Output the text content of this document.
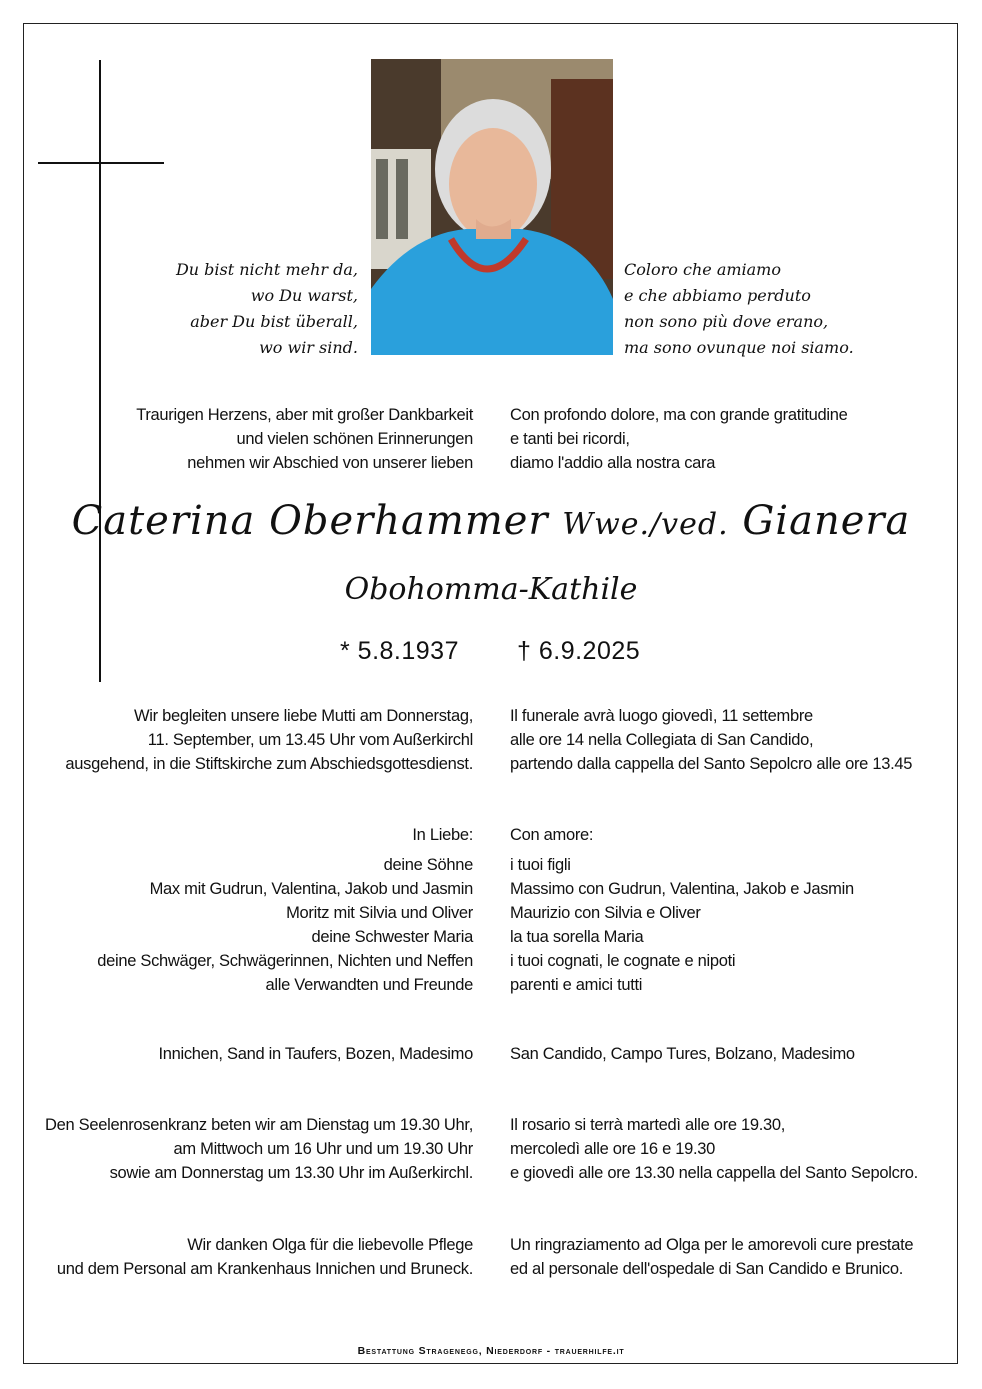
Du bist nicht mehr da,
wo Du warst,
aber Du bist überall,
wo wir sind.
Coloro che amiamo
e che abbiamo perduto
non sono più dove erano,
ma sono ovunque noi siamo.
Traurigen Herzens, aber mit großer Dankbarkeit
und vielen schönen Erinnerungen
nehmen wir Abschied von unserer lieben
Con profondo dolore, ma con grande gratitudine
e tanti bei ricordi,
diamo l'addio alla nostra cara
Caterina Oberhammer Wwe./ved. Gianera
Obohomma-Kathile
* 5.8.1937 † 6.9.2025
Wir begleiten unsere liebe Mutti am Donnerstag,
11. September, um 13.45 Uhr vom Außerkirchl
ausgehend, in die Stiftskirche zum Abschiedsgottesdienst.
Il funerale avrà luogo giovedì, 11 settembre
alle ore 14 nella Collegiata di San Candido,
partendo dalla cappella del Santo Sepolcro alle ore 13.45
In Liebe:
deine Söhne
Max mit Gudrun, Valentina, Jakob und Jasmin
Moritz mit Silvia und Oliver
deine Schwester Maria
deine Schwäger, Schwägerinnen, Nichten und Neffen
alle Verwandten und Freunde
Con amore:
i tuoi figli
Massimo con Gudrun, Valentina, Jakob e Jasmin
Maurizio con Silvia e Oliver
la tua sorella Maria
i tuoi cognati, le cognate e nipoti
parenti e amici tutti
Innichen, Sand in Taufers, Bozen, Madesimo San Candido, Campo Tures, Bolzano, Madesimo
Den Seelenrosenkranz beten wir am Dienstag um 19.30 Uhr,
am Mittwoch um 16 Uhr und um 19.30 Uhr
sowie am Donnerstag um 13.30 Uhr im Außerkirchl.
Il rosario si terrà martedì alle ore 19.30,
mercoledì alle ore 16 e 19.30
e giovedì alle ore 13.30 nella cappella del Santo Sepolcro.
Wir danken Olga für die liebevolle Pflege
und dem Personal am Krankenhaus Innichen und Bruneck.
Un ringraziamento ad Olga per le amorevoli cure prestate
ed al personale dell'ospedale di San Candido e Brunico.
Bestattung Stragenegg, Niederdorf - trauerhilfe.it
